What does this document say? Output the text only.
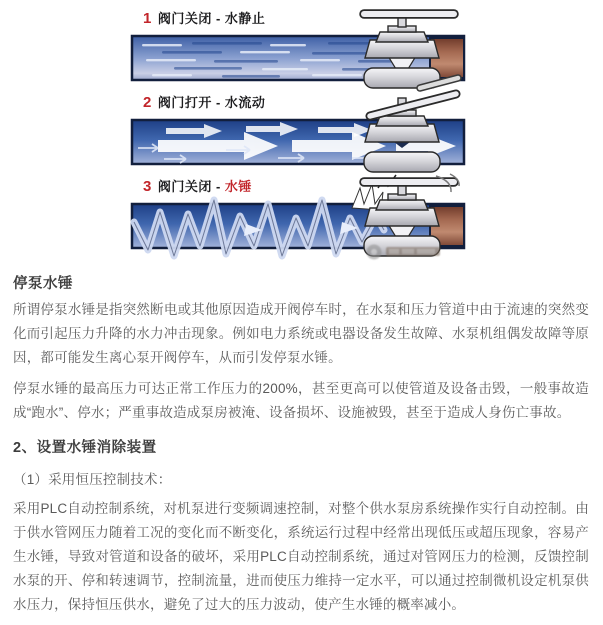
1 阀门关闭 - 水静止
2 阀门打开 - 水流动
3 阀门关闭 - 水锤
停泵水锤

所谓停泵水锤是指突然断电或其他原因造成开阀停车时，在水泵和压力管道中由于流速的突然变化而引起压力升降的水力冲击现象。例如电力系统或电器设备发生故障、水泵机组偶发故障等原因，都可能发生离心泵开阀停车，从而引发停泵水锤。

停泵水锤的最高压力可达正常工作压力的200%，甚至更高可以使管道及设备击毁，一般事故造成“跑水”、停水；严重事故造成泵房被淹、设备损坏、设施被毁，甚至于造成人身伤亡事故。

2、设置水锤消除装置

（1）采用恒压控制技术：

采用PLC自动控制系统，对机泵进行变频调速控制，对整个供水泵房系统操作实行自动控制。由于供水管网压力随着工况的变化而不断变化，系统运行过程中经常出现低压或超压现象，容易产生水锤，导致对管道和设备的破坏，采用PLC自动控制系统，通过对管网压力的检测，反馈控制水泵的开、停和转速调节，控制流量，进而使压力维持一定水平，可以通过控制微机设定机泵供水压力，保持恒压供水，避免了过大的压力波动，使产生水锤的概率减小。
